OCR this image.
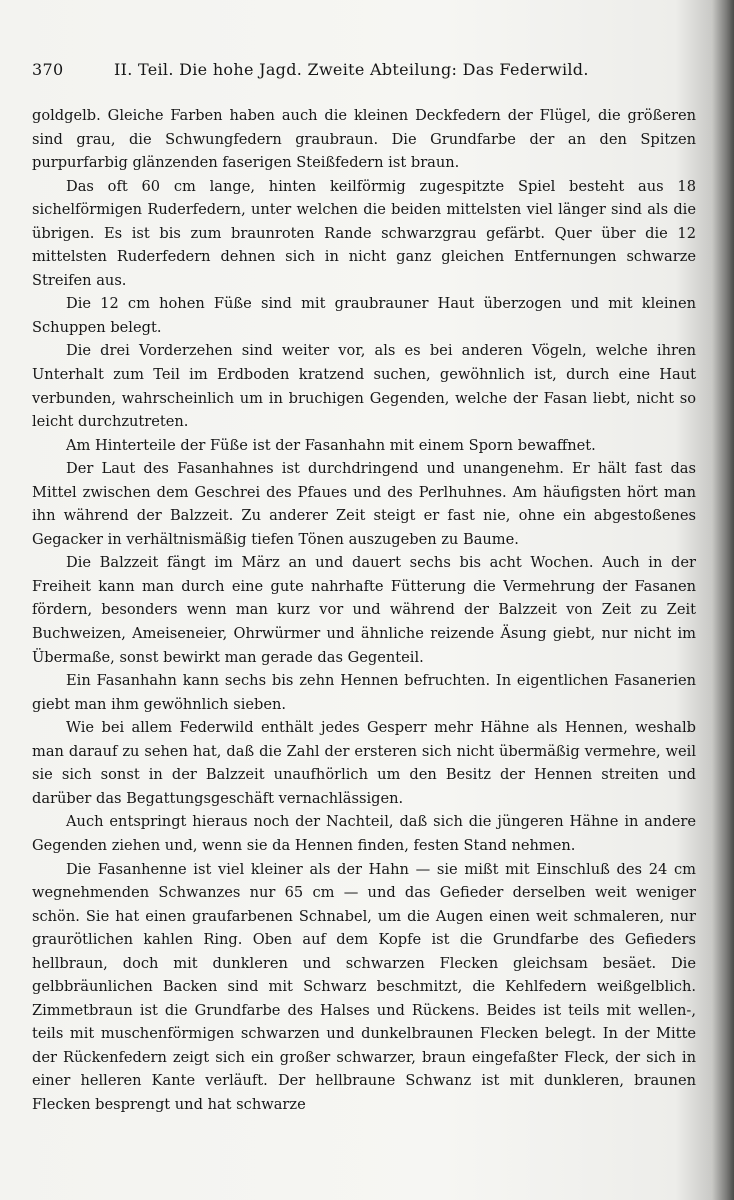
370	II. Teil. Die hohe Jagd. Zweite Abteilung: Das Federwild.

goldgelb. Gleiche Farben haben auch die kleinen Deckfedern der Flügel, die größeren sind grau, die Schwungfedern graubraun. Die Grundfarbe der an den Spitzen purpurfarbig glänzenden faserigen Steißfedern ist braun.

Das oft 60 cm lange, hinten keilförmig zugespitzte Spiel besteht aus 18 sichelförmigen Ruderfedern, unter welchen die beiden mittelsten viel länger sind als die übrigen. Es ist bis zum braunroten Rande schwarzgrau gefärbt. Quer über die 12 mittelsten Ruderfedern dehnen sich in nicht ganz gleichen Entfernungen schwarze Streifen aus.

Die 12 cm hohen Füße sind mit graubrauner Haut überzogen und mit kleinen Schuppen belegt.

Die drei Vorderzehen sind weiter vor, als es bei anderen Vögeln, welche ihren Unterhalt zum Teil im Erdboden kratzend suchen, gewöhnlich ist, durch eine Haut verbunden, wahrscheinlich um in bruchigen Gegenden, welche der Fasan liebt, nicht so leicht durchzutreten.

Am Hinterteile der Füße ist der Fasanhahn mit einem Sporn bewaffnet.

Der Laut des Fasanhahnes ist durchdringend und unangenehm. Er hält fast das Mittel zwischen dem Geschrei des Pfaues und des Perlhuhnes. Am häufigsten hört man ihn während der Balzzeit. Zu anderer Zeit steigt er fast nie, ohne ein abgestoßenes Gegacker in verhältnismäßig tiefen Tönen auszugeben zu Baume.

Die Balzzeit fängt im März an und dauert sechs bis acht Wochen. Auch in der Freiheit kann man durch eine gute nahrhafte Fütterung die Vermehrung der Fasanen fördern, besonders wenn man kurz vor und während der Balzzeit von Zeit zu Zeit Buchweizen, Ameiseneier, Ohrwürmer und ähnliche reizende Äsung giebt, nur nicht im Übermaße, sonst bewirkt man gerade das Gegenteil.

Ein Fasanhahn kann sechs bis zehn Hennen befruchten. In eigentlichen Fasanerien giebt man ihm gewöhnlich sieben.

Wie bei allem Federwild enthält jedes Gesperr mehr Hähne als Hennen, weshalb man darauf zu sehen hat, daß die Zahl der ersteren sich nicht übermäßig vermehre, weil sie sich sonst in der Balzzeit unaufhörlich um den Besitz der Hennen streiten und darüber das Begattungsgeschäft vernachlässigen.

Auch entspringt hieraus noch der Nachteil, daß sich die jüngeren Hähne in andere Gegenden ziehen und, wenn sie da Hennen finden, festen Stand nehmen.

Die Fasanhenne ist viel kleiner als der Hahn — sie mißt mit Einschluß des 24 cm wegnehmenden Schwanzes nur 65 cm — und das Gefieder derselben weit weniger schön. Sie hat einen graufarbenen Schnabel, um die Augen einen weit schmaleren, nur graurötlichen kahlen Ring. Oben auf dem Kopfe ist die Grundfarbe des Gefieders hellbraun, doch mit dunkleren und schwarzen Flecken gleichsam besäet. Die gelbbräunlichen Backen sind mit Schwarz beschmitzt, die Kehlfedern weißgelblich. Zimmetbraun ist die Grundfarbe des Halses und Rückens. Beides ist teils mit wellen-, teils mit muschenförmigen schwarzen und dunkelbraunen Flecken belegt. In der Mitte der Rückenfedern zeigt sich ein großer schwarzer, braun eingefaßter Fleck, der sich in einer helleren Kante verläuft. Der hellbraune Schwanz ist mit dunkleren, braunen Flecken besprengt und hat schwarze
